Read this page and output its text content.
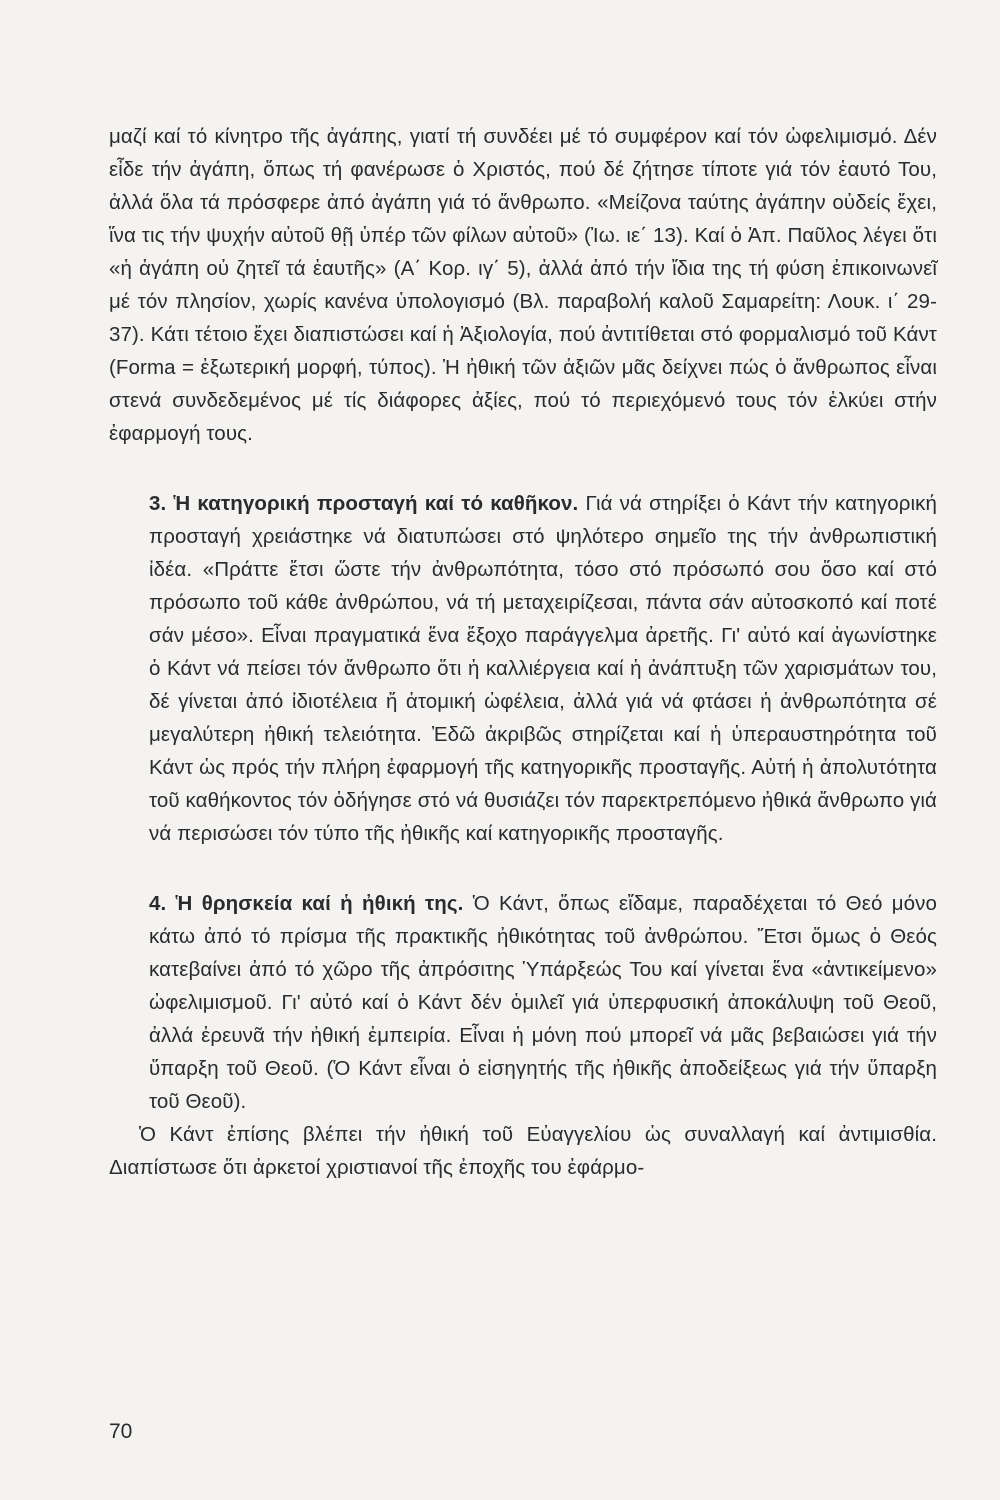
μαζί καί τό κίνητρο τῆς ἀγάπης, γιατί τή συνδέει μέ τό συμφέρον καί τόν ὠφελιμισμό. Δέν εἶδε τήν ἀγάπη, ὅπως τή φανέρωσε ὁ Χριστός, πού δέ ζήτησε τίποτε γιά τόν ἑαυτό Του, ἀλλά ὅλα τά πρόσφερε ἀπό ἀγάπη γιά τό ἄνθρωπο. «Μείζονα ταύτης ἀγάπην οὐδείς ἔχει, ἵνα τις τήν ψυχήν αὐτοῦ θῇ ὑπέρ τῶν φίλων αὐτοῦ» (Ἰω. ιε΄ 13). Καί ὁ Ἀπ. Παῦλος λέγει ὅτι «ἡ ἀγάπη οὐ ζητεῖ τά ἑαυτῆς» (Α΄ Κορ. ιγ΄ 5), ἀλλά ἀπό τήν ἴδια της τή φύση ἐπικοινωνεῖ μέ τόν πλησίον, χωρίς κανένα ὑπολογισμό (Βλ. παραβολή καλοῦ Σαμαρείτη: Λουκ. ι΄ 29-37). Κάτι τέτοιο ἔχει διαπιστώσει καί ἡ Ἀξιολογία, πού ἀντιτίθεται στό φορμαλισμό τοῦ Κάντ (Forma = ἐξωτερική μορφή, τύπος). Ἡ ἠθική τῶν ἀξιῶν μᾶς δείχνει πώς ὁ ἄνθρωπος εἶναι στενά συνδεδεμένος μέ τίς διάφορες ἀξίες, πού τό περιεχόμενό τους τόν ἑλκύει στήν ἐφαρμογή τους.

3. Ἡ κατηγορική προσταγή καί τό καθῆκον. Γιά νά στηρίξει ὁ Κάντ τήν κατηγορική προσταγή χρειάστηκε νά διατυπώσει στό ψηλότερο σημεῖο της τήν ἀνθρωπιστική ἰδέα. «Πράττε ἔτσι ὥστε τήν ἀνθρωπότητα, τόσο στό πρόσωπό σου ὅσο καί στό πρόσωπο τοῦ κάθε ἀνθρώπου, νά τή μεταχειρίζεσαι, πάντα σάν αὐτοσκοπό καί ποτέ σάν μέσο». Εἶναι πραγματικά ἕνα ἔξοχο παράγγελμα ἀρετῆς. Γι' αὐτό καί ἀγωνίστηκε ὁ Κάντ νά πείσει τόν ἄνθρωπο ὅτι ἡ καλλιέργεια καί ἡ ἀνάπτυξη τῶν χαρισμάτων του, δέ γίνεται ἀπό ἰδιοτέλεια ἤ ἀτομική ὠφέλεια, ἀλλά γιά νά φτάσει ἡ ἀνθρωπότητα σέ μεγαλύτερη ἠθική τελειότητα. Ἐδῶ ἀκριβῶς στηρίζεται καί ἡ ὑπεραυστηρότητα τοῦ Κάντ ὡς πρός τήν πλήρη ἐφαρμογή τῆς κατηγορικῆς προσταγῆς. Αὐτή ἡ ἀπολυτότητα τοῦ καθήκοντος τόν ὁδήγησε στό νά θυσιάζει τόν παρεκτρεπόμενο ἠθικά ἄνθρωπο γιά νά περισώσει τόν τύπο τῆς ἠθικῆς καί κατηγορικῆς προσταγῆς.

4. Ἡ θρησκεία καί ἡ ἠθική της. Ὁ Κάντ, ὅπως εἴδαμε, παραδέχεται τό Θεό μόνο κάτω ἀπό τό πρίσμα τῆς πρακτικῆς ἠθικότητας τοῦ ἀνθρώπου. Ἔτσι ὅμως ὁ Θεός κατεβαίνει ἀπό τό χῶρο τῆς ἀπρόσιτης Ὑπάρξεώς Του καί γίνεται ἕνα «ἀντικείμενο» ὠφελιμισμοῦ. Γι' αὐτό καί ὁ Κάντ δέν ὁμιλεῖ γιά ὑπερφυσική ἀποκάλυψη τοῦ Θεοῦ, ἀλλά ἐρευνᾶ τήν ἠθική ἐμπειρία. Εἶναι ἡ μόνη πού μπορεῖ νά μᾶς βεβαιώσει γιά τήν ὕπαρξη τοῦ Θεοῦ. (Ὁ Κάντ εἶναι ὁ εἰσηγητής τῆς ἠθικῆς ἀποδείξεως γιά τήν ὕπαρξη τοῦ Θεοῦ).

Ὁ Κάντ ἐπίσης βλέπει τήν ἠθική τοῦ Εὐαγγελίου ὡς συναλλαγή καί ἀντιμισθία. Διαπίστωσε ὅτι ἀρκετοί χριστιανοί τῆς ἐποχῆς του ἐφάρμο-

70
